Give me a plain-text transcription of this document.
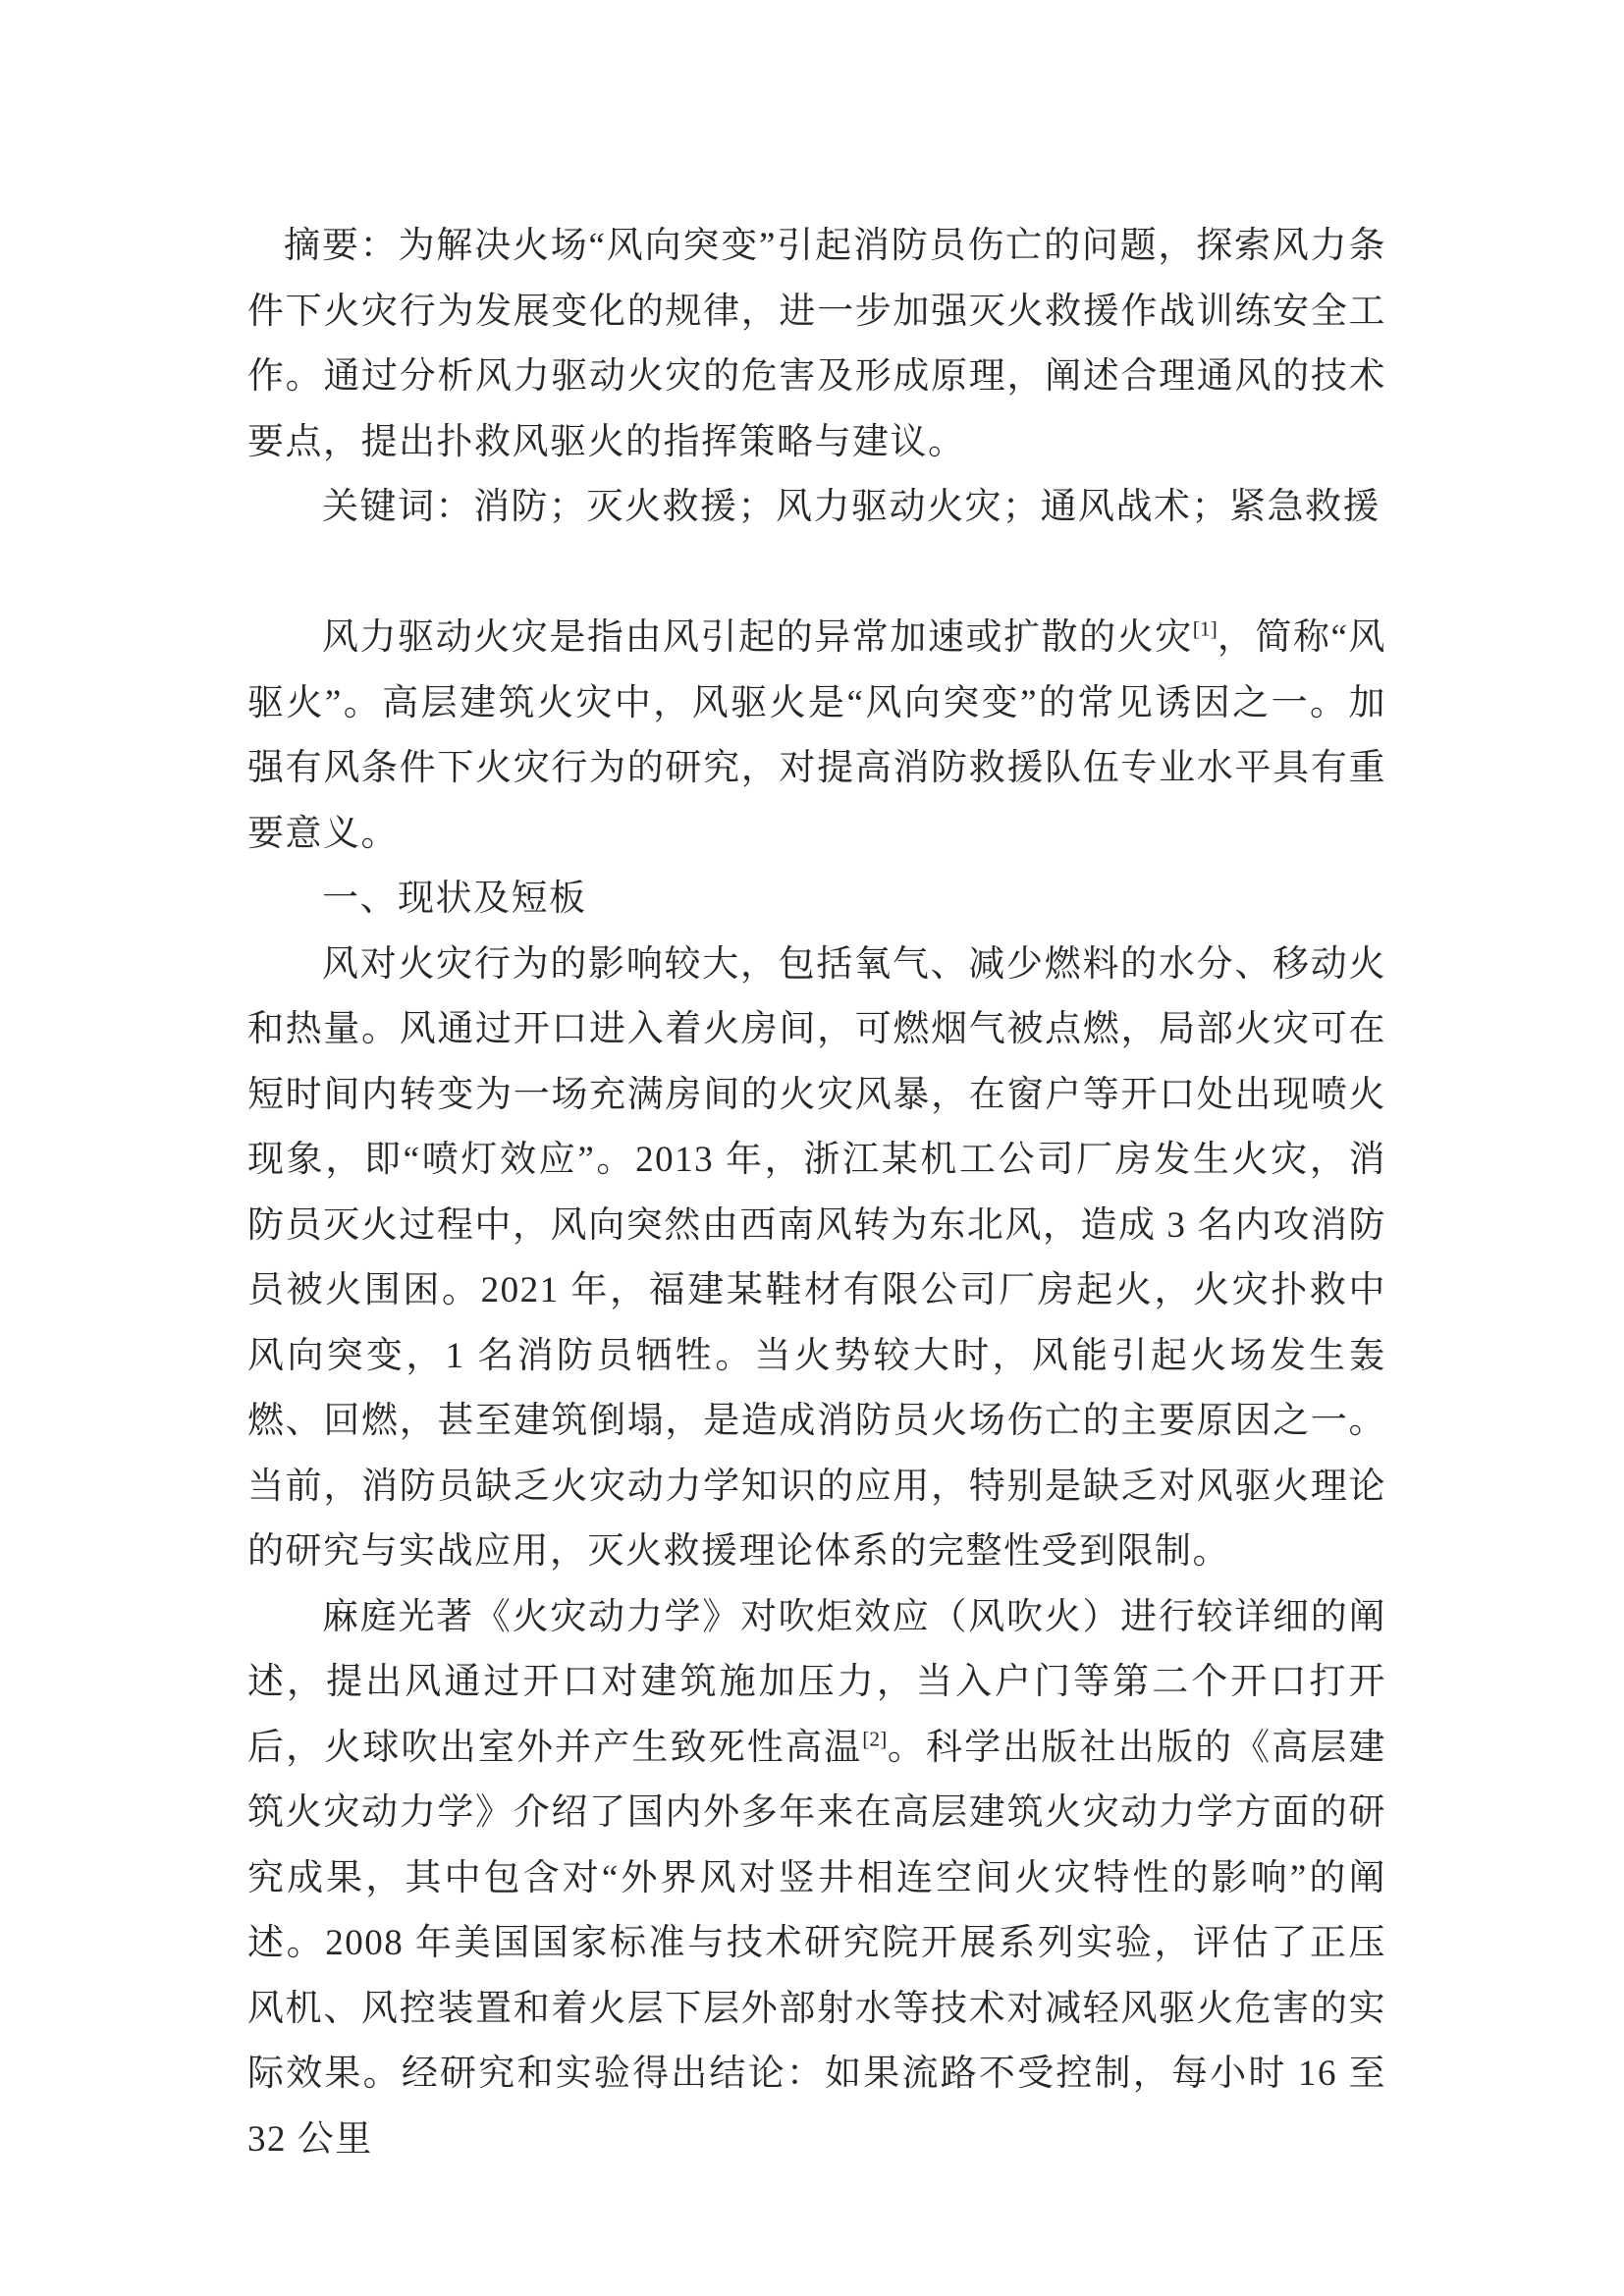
摘要：为解决火场“风向突变”引起消防员伤亡的问题，探索风力条件下火灾行为发展变化的规律，进一步加强灭火救援作战训练安全工作。通过分析风力驱动火灾的危害及形成原理，阐述合理通风的技术要点，提出扑救风驱火的指挥策略与建议。

关键词：消防；灭火救援；风力驱动火灾；通风战术；紧急救援

风力驱动火灾是指由风引起的异常加速或扩散的火灾[1]，简称“风驱火”。高层建筑火灾中，风驱火是“风向突变”的常见诱因之一。加强有风条件下火灾行为的研究，对提高消防救援队伍专业水平具有重要意义。

一、现状及短板

风对火灾行为的影响较大，包括氧气、减少燃料的水分、移动火和热量。风通过开口进入着火房间，可燃烟气被点燃，局部火灾可在短时间内转变为一场充满房间的火灾风暴，在窗户等开口处出现喷火现象，即“喷灯效应”。2013 年，浙江某机工公司厂房发生火灾，消防员灭火过程中，风向突然由西南风转为东北风，造成 3 名内攻消防员被火围困。2021 年，福建某鞋材有限公司厂房起火，火灾扑救中风向突变，1 名消防员牺牲。当火势较大时，风能引起火场发生轰燃、回燃，甚至建筑倒塌，是造成消防员火场伤亡的主要原因之一。当前，消防员缺乏火灾动力学知识的应用，特别是缺乏对风驱火理论的研究与实战应用，灭火救援理论体系的完整性受到限制。

麻庭光著《火灾动力学》对吹炬效应（风吹火）进行较详细的阐述，提出风通过开口对建筑施加压力，当入户门等第二个开口打开后，火球吹出室外并产生致死性高温[2]。科学出版社出版的《高层建筑火灾动力学》介绍了国内外多年来在高层建筑火灾动力学方面的研究成果，其中包含对“外界风对竖井相连空间火灾特性的影响”的阐述。2008 年美国国家标准与技术研究院开展系列实验，评估了正压风机、风控装置和着火层下层外部射水等技术对减轻风驱火危害的实际效果。经研究和实验得出结论：如果流路不受控制，每小时 16 至 32 公里
